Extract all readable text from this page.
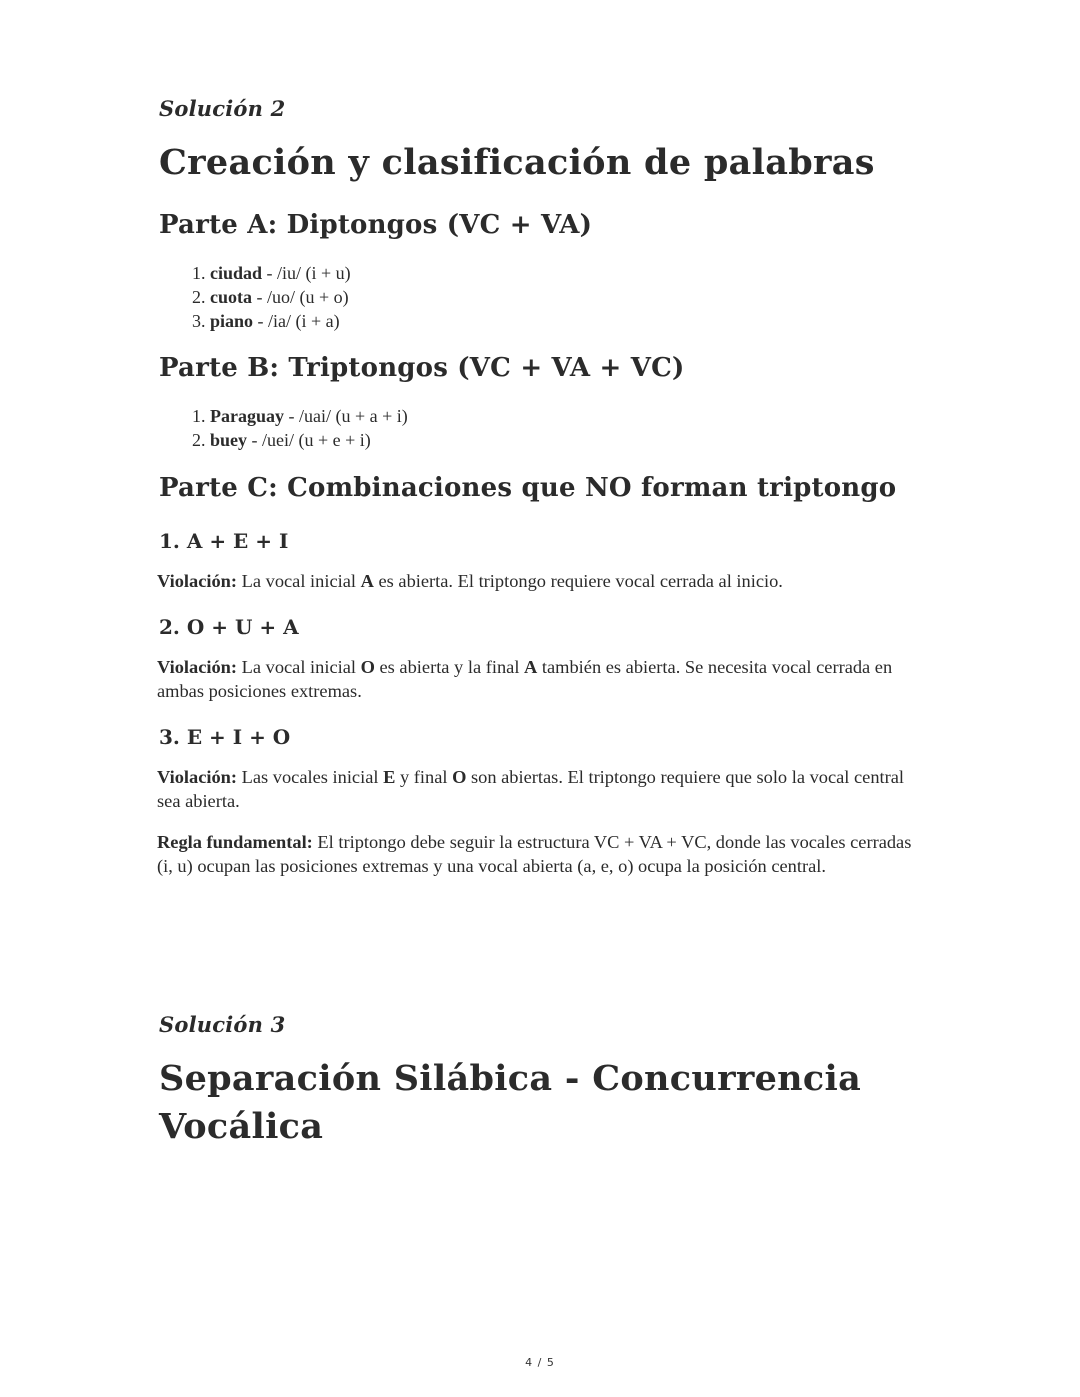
Solución 2
Creación y clasificación de palabras
Parte A: Diptongos (VC + VA)
1. ciudad - /iu/ (i + u)
2. cuota - /uo/ (u + o)
3. piano - /ia/ (i + a)
Parte B: Triptongos (VC + VA + VC)
1. Paraguay - /uai/ (u + a + i)
2. buey - /uei/ (u + e + i)
Parte C: Combinaciones que NO forman triptongo
1. A + E + I
Violación: La vocal inicial A es abierta. El triptongo requiere vocal cerrada al inicio.
2. O + U + A
Violación: La vocal inicial O es abierta y la final A también es abierta. Se necesita vocal cerrada en ambas posiciones extremas.
3. E + I + O
Violación: Las vocales inicial E y final O son abiertas. El triptongo requiere que solo la vocal central sea abierta.
Regla fundamental: El triptongo debe seguir la estructura VC + VA + VC, donde las vocales cerradas (i, u) ocupan las posiciones extremas y una vocal abierta (a, e, o) ocupa la posición central.
Solución 3
Separación Silábica - Concurrencia
Vocálica
4 / 5
